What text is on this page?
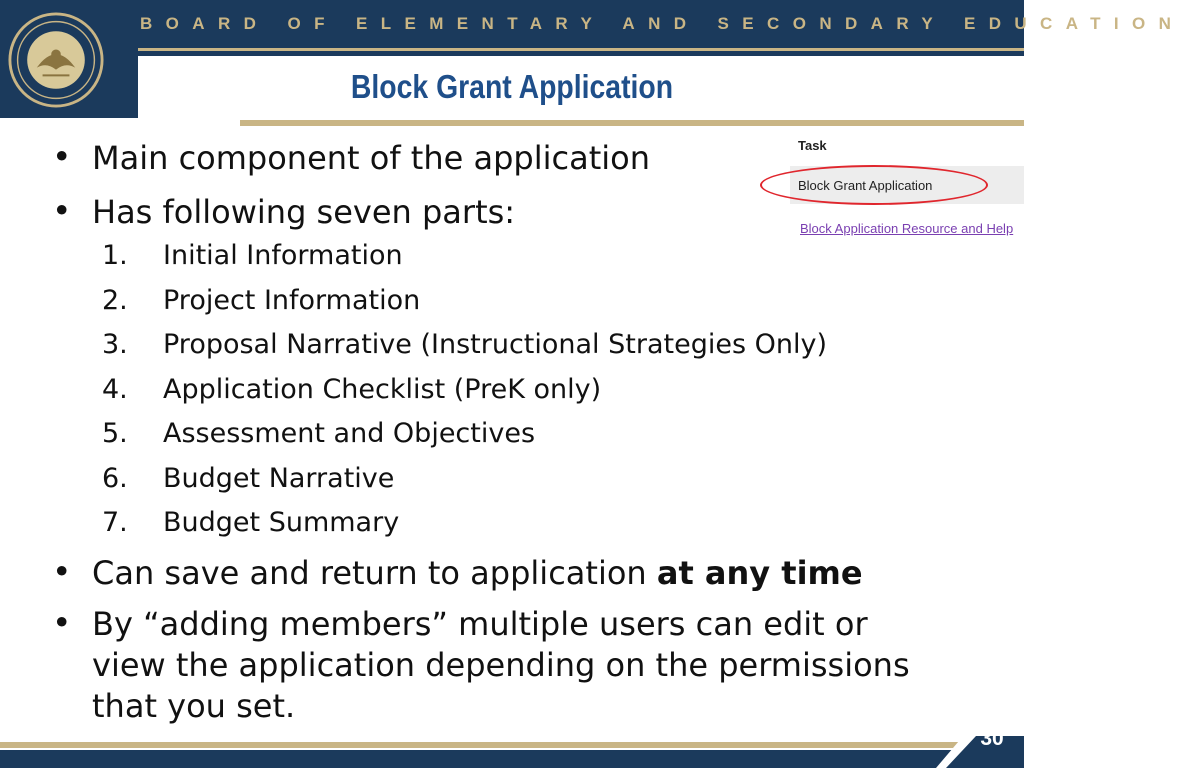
BOARD OF ELEMENTARY AND SECONDARY EDUCATION
Block Grant Application
• Main component of the application
• Has following seven parts:
1. Initial Information
2. Project Information
3. Proposal Narrative (Instructional Strategies Only)
4. Application Checklist (PreK only)
5. Assessment and Objectives
6. Budget Narrative
7. Budget Summary
• Can save and return to application at any time
• By “adding members” multiple users can edit or
view the application depending on the permissions
that you set.
Task
Block Grant Application
Block Application Resource and Help
30
